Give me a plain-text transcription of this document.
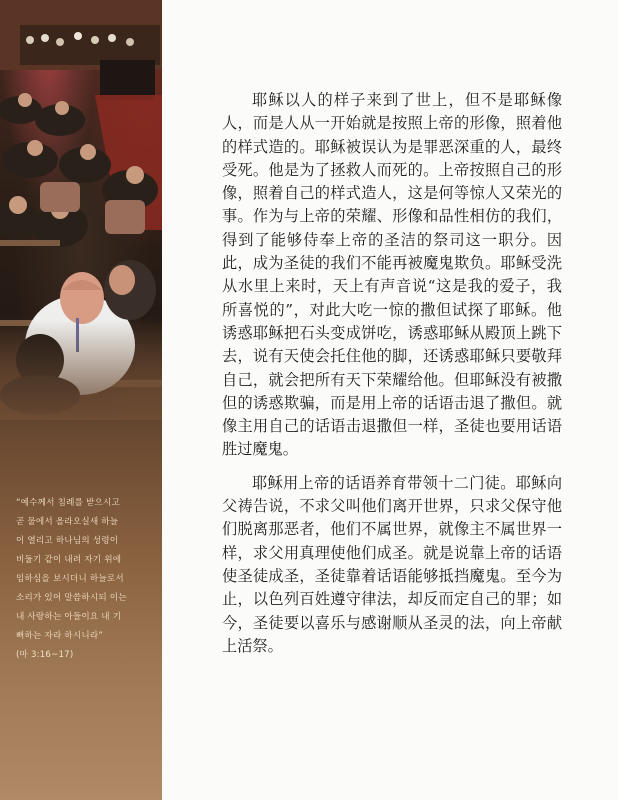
“예수께서 침례를 받으시고
곧 물에서 올라오실새 하늘
이 열리고 하나님의 성령이
비둘기 같이 내려 자기 위에
임하심을 보시더니 하늘로서
소리가 있어 말씀하시되 이는
내 사랑하는 아들이요 내 기
뻐하는 자라 하시니라”
(마 3:16~17)
耶稣以人的样子来到了世上，但不是耶稣像
人，而是人从一开始就是按照上帝的形像，照着他
的样式造的。耶稣被误认为是罪恶深重的人，最终
受死。他是为了拯救人而死的。上帝按照自己的形
像，照着自己的样式造人，这是何等惊人又荣光的
事。作为与上帝的荣耀、形像和品性相仿的我们，
得到了能够侍奉上帝的圣洁的祭司这一职分。因
此，成为圣徒的我们不能再被魔鬼欺负。耶稣受洗
从水里上来时，天上有声音说“这是我的爱子，我
所喜悦的”，对此大吃一惊的撒但试探了耶稣。他
诱惑耶稣把石头变成饼吃，诱惑耶稣从殿顶上跳下
去，说有天使会托住他的脚，还诱惑耶稣只要敬拜
自己，就会把所有天下荣耀给他。但耶稣没有被撒
但的诱惑欺骗，而是用上帝的话语击退了撒但。就
像主用自己的话语击退撒但一样，圣徒也要用话语
胜过魔鬼。
耶稣用上帝的话语养育带领十二门徒。耶稣向
父祷告说，不求父叫他们离开世界，只求父保守他
们脱离那恶者，他们不属世界，就像主不属世界一
样，求父用真理使他们成圣。就是说靠上帝的话语
使圣徒成圣，圣徒靠着话语能够抵挡魔鬼。至今为
止，以色列百姓遵守律法，却反而定自己的罪；如
今，圣徒要以喜乐与感谢顺从圣灵的法，向上帝献
上活祭。
